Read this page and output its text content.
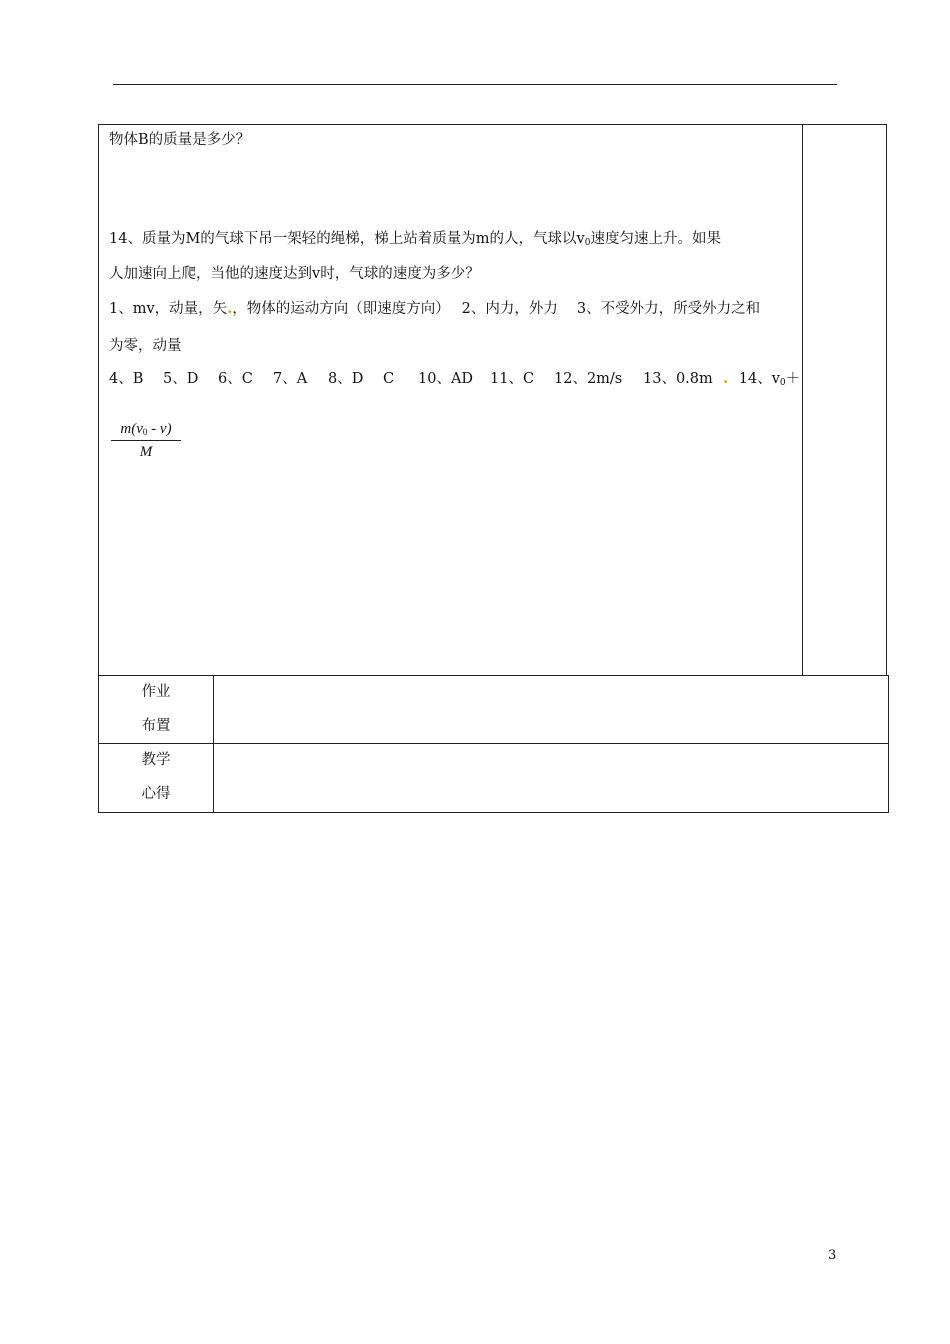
物体B的质量是多少？
14、质量为M的气球下吊一架轻的绳梯，梯上站着质量为m的人，气球以$v_0$速度匀速上升。如果
人加速向上爬，当他的速度达到v时，气球的速度为多少？
1、mv，动量，矢.，物体的运动方向（即速度方向）　 2、内力，外力　 3、不受外力，所受外力之和
为零，动量
4、B 5、D 6、C 7、A 8、D C 10、AD 11、C 12、2m/s 13、0.8m . 14、$v_0+$
$\frac{m(v_0 - v)}{M}$
作业
布置
教学
心得
3
